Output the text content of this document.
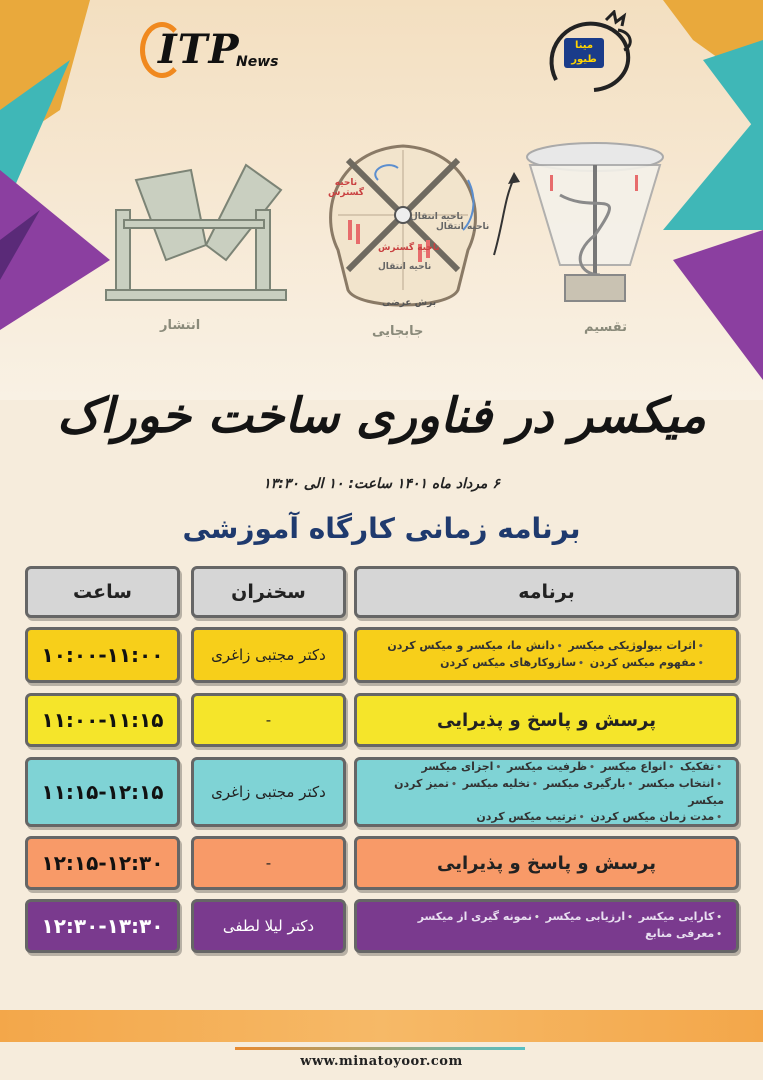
ITP
News
مینا طیور
انتشار
ناحیه گسترش
ناحیه انتقال
ناحیه گسترش
ناحیه انتقال
ناحیه انتقال
برش عرضی
جابجایی	تقسیم
میکسر در فناوری ساخت خوراک
۶ مرداد ماه ۱۴۰۱ ساعت: ۱۰ الی ۱۳:۳۰
برنامه زمانی کارگاه آموزشی
برنامه
سخنران
ساعت
•اثرات بیولوژیکی میکسر •دانش ما، میکسر و میکس کردن
•مفهوم میکس کردن •سازوکارهای میکس کردن
دکتر مجتبی زاغری
۱۰:۰۰-۱۱:۰۰
پرسش و پاسخ و پذیرایی
-
۱۱:۰۰-۱۱:۱۵
•تفکیک •انواع میکسر •ظرفیت میکسر •اجزای میکسر
•انتخاب میکسر •بارگیری میکسر •تخلیه میکسر •تمیز کردن میکسر
•مدت زمان میکس کردن •ترتیب میکس کردن
دکتر مجتبی زاغری
۱۱:۱۵-۱۲:۱۵
پرسش و پاسخ و پذیرایی
-
۱۲:۱۵-۱۲:۳۰
•کارایی میکسر •ارزیابی میکسر •نمونه گیری از میکسر •معرفی منابع
دکتر لیلا لطفی
۱۲:۳۰-۱۳:۳۰
www.minatoyoor.com
